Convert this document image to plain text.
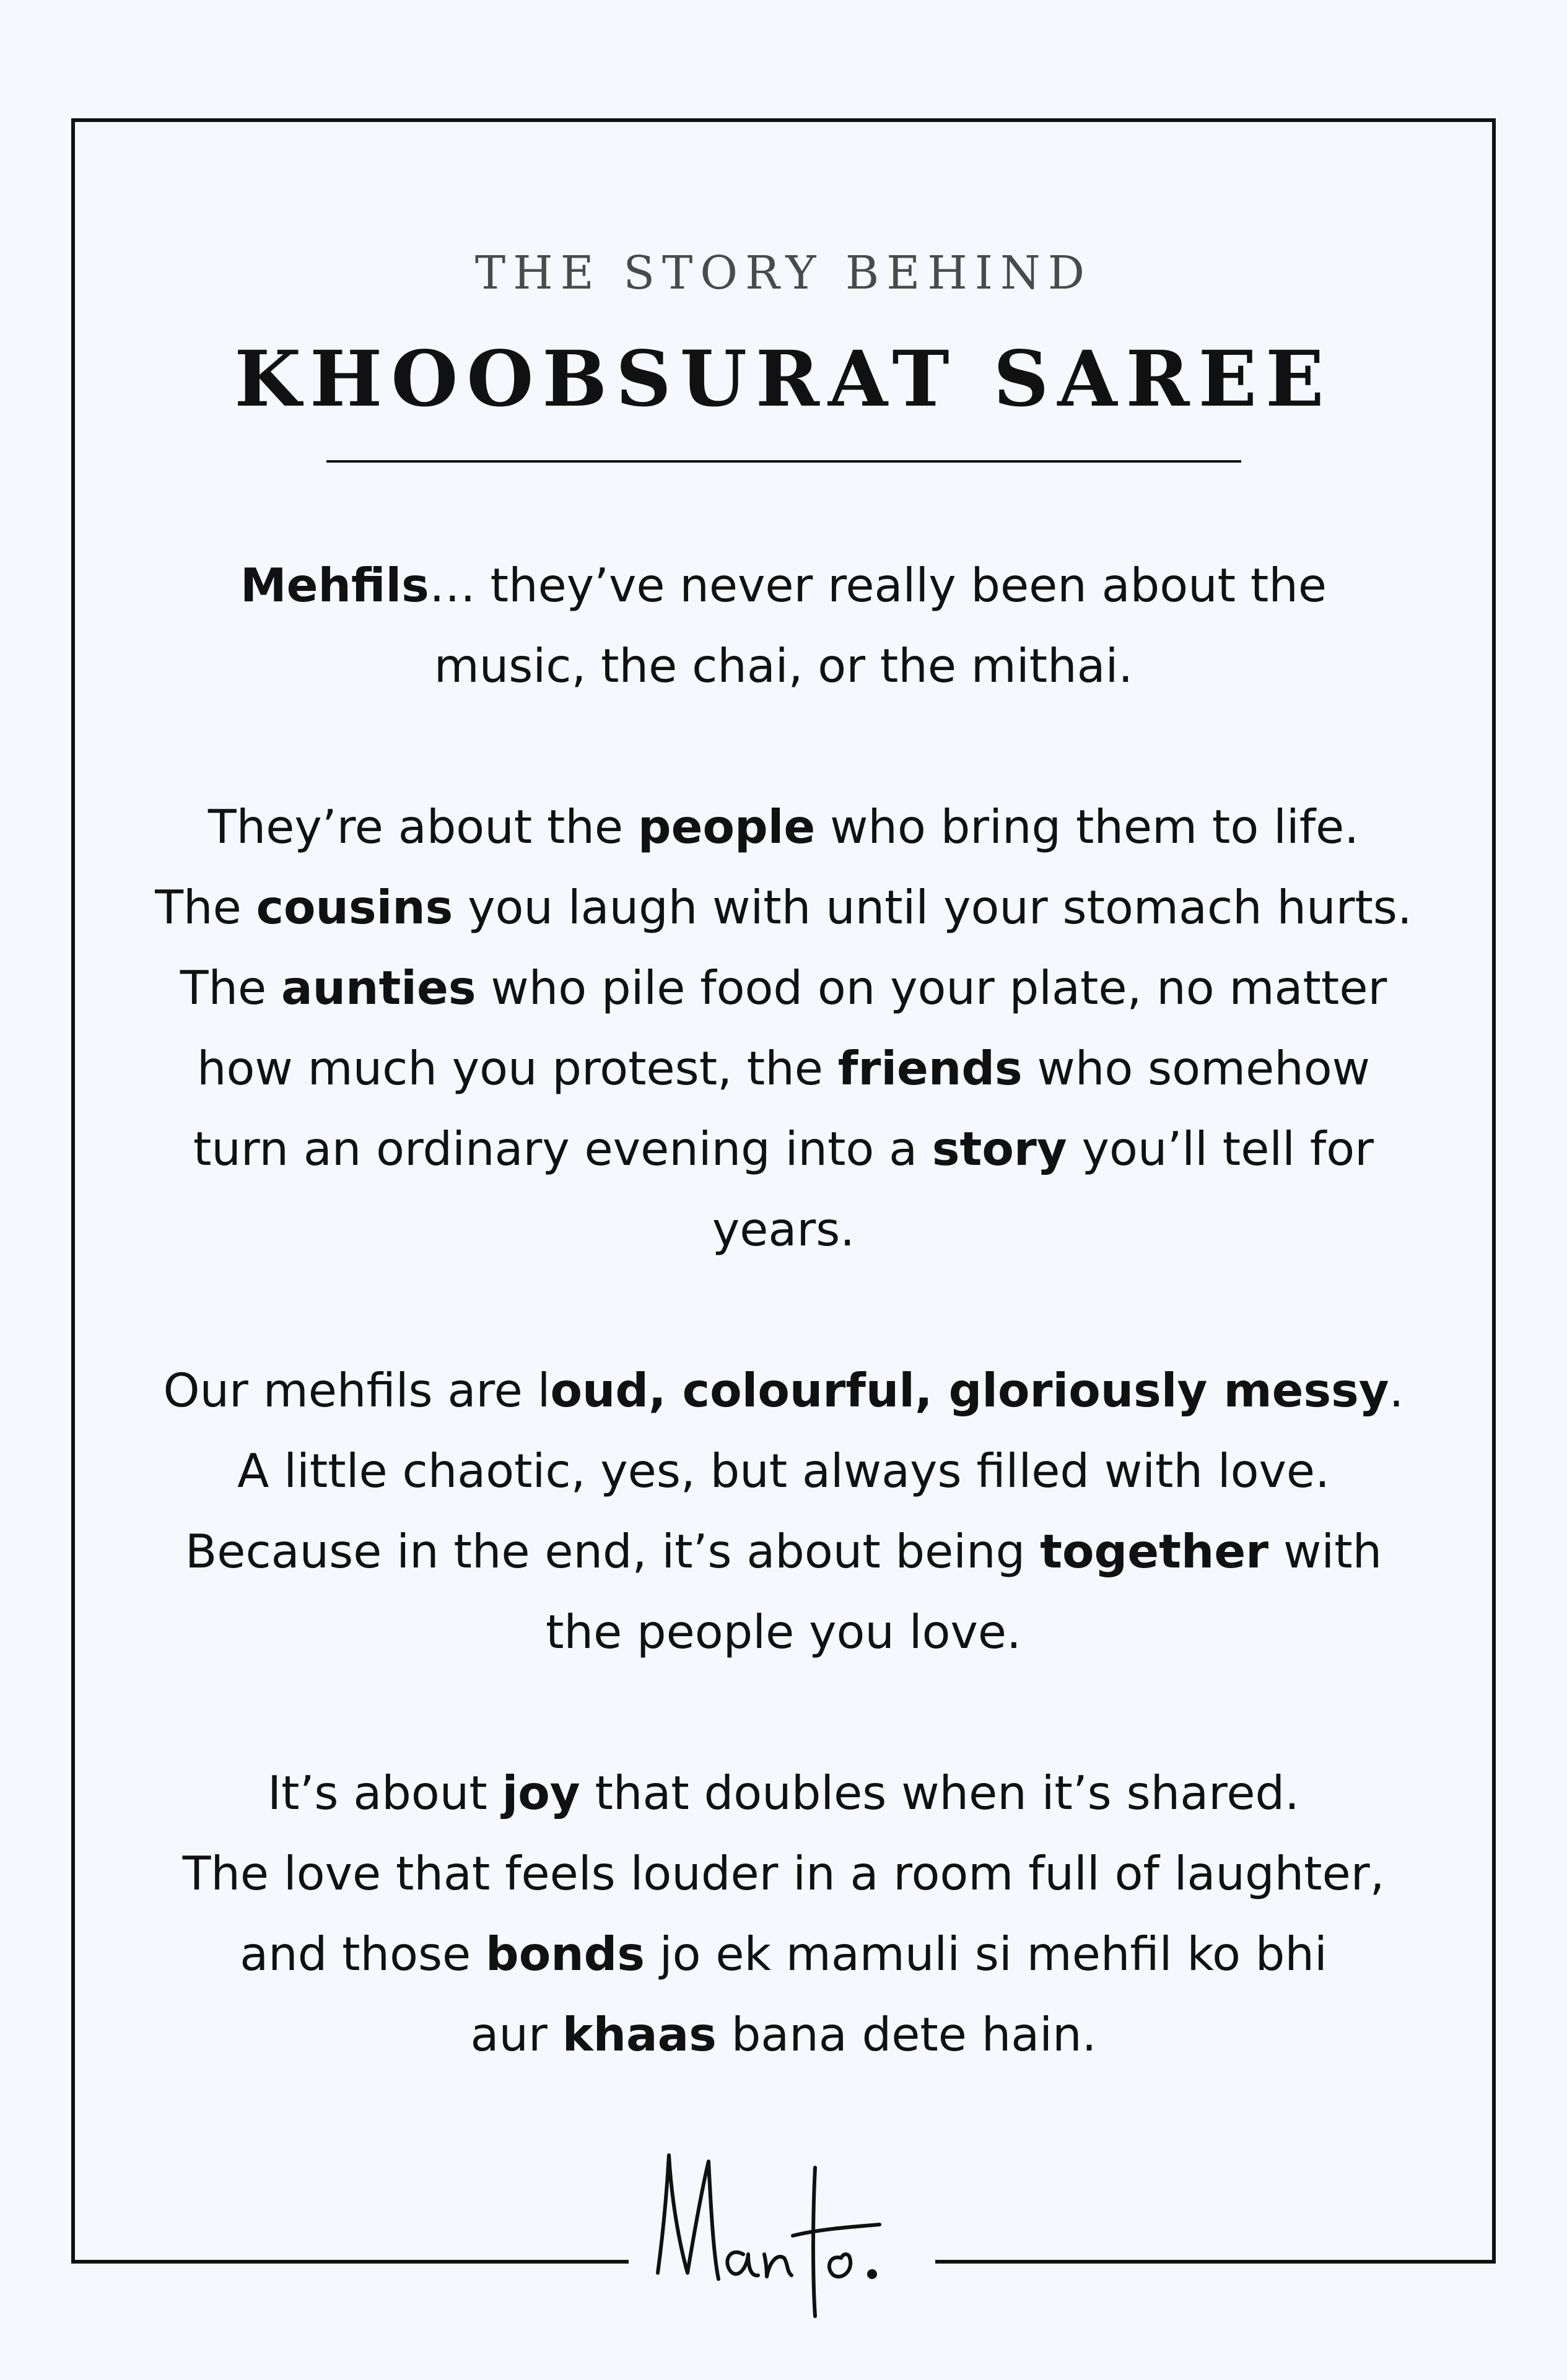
THE STORY BEHIND
KHOOBSURAT SAREE
Mehfils… they’ve never really been about the
music, the chai, or the mithai.
They’re about the people who bring them to life.
The cousins you laugh with until your stomach hurts.
The aunties who pile food on your plate, no matter
how much you protest, the friends who somehow
turn an ordinary evening into a story you’ll tell for
years.
Our mehfils are loud, colourful, gloriously messy.
A little chaotic, yes, but always filled with love.
Because in the end, it’s about being together with
the people you love.
It’s about joy that doubles when it’s shared.
The love that feels louder in a room full of laughter,
and those bonds jo ek mamuli si mehfil ko bhi
aur khaas bana dete hain.
